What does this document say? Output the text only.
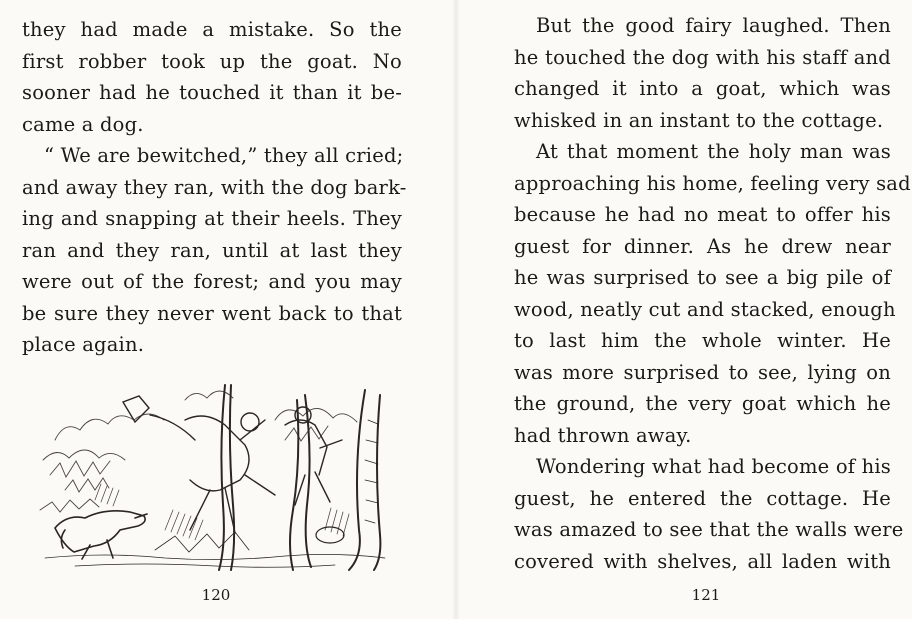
they had made a mistake. So the
first robber took up the goat. No
sooner had he touched it than it be-
came a dog.

“ We are bewitched,” they all cried;
and away they ran, with the dog bark-
ing and snapping at their heels. They
ran and they ran, until at last they
were out of the forest; and you may
be sure they never went back to that
place again.

120

But the good fairy laughed. Then
he touched the dog with his staff and
changed it into a goat, which was
whisked in an instant to the cottage.

At that moment the holy man was
approaching his home, feeling very sad
because he had no meat to offer his
guest for dinner. As he drew near
he was surprised to see a big pile of
wood, neatly cut and stacked, enough
to last him the whole winter. He
was more surprised to see, lying on
the ground, the very goat which he
had thrown away.

Wondering what had become of his
guest, he entered the cottage. He
was amazed to see that the walls were
covered with shelves, all laden with

121
